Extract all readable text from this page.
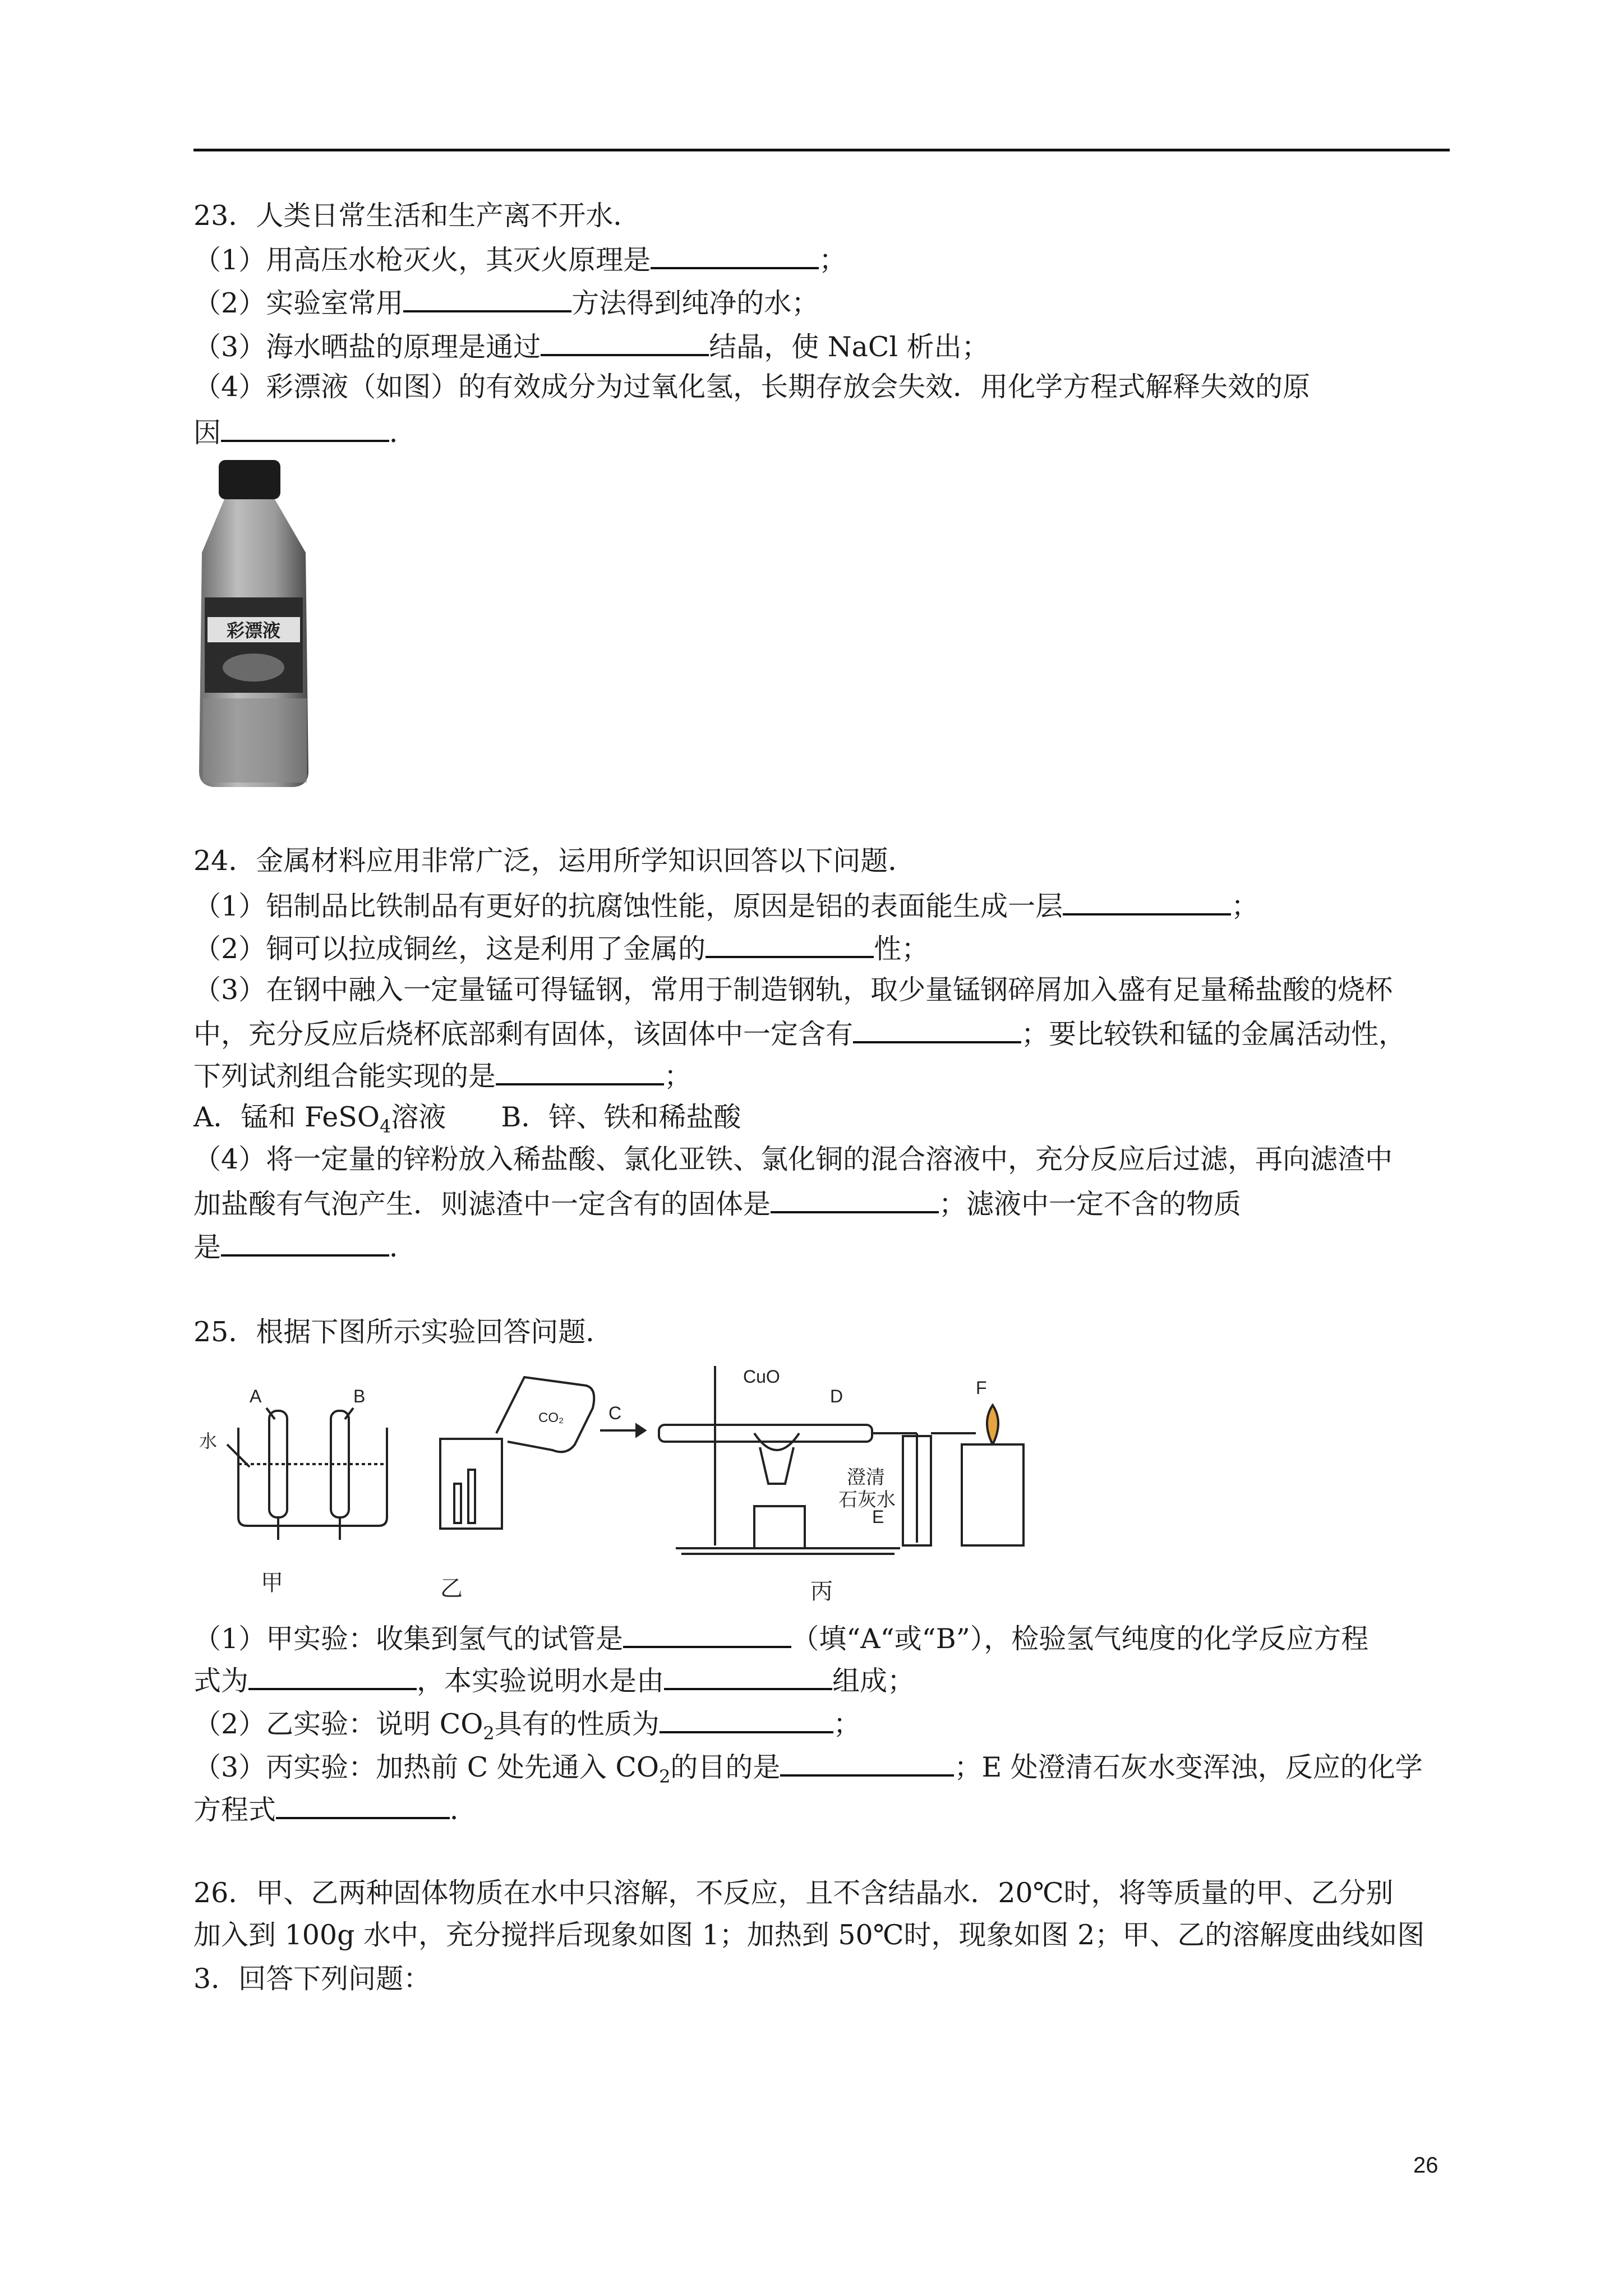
23．人类日常生活和生产离不开水．
（1）用高压水枪灭火，其灭火原理是	；
（2）实验室常用	方法得到纯净的水；
（3）海水晒盐的原理是通过	结晶，使 NaCl 析出；
（4）彩漂液（如图）的有效成分为过氧化氢，长期存放会失效．用化学方程式解释失效的原
因	．
彩漂液
24．金属材料应用非常广泛，运用所学知识回答以下问题．
（1）铝制品比铁制品有更好的抗腐蚀性能，原因是铝的表面能生成一层	；
（2）铜可以拉成铜丝，这是利用了金属的	性；
（3）在钢中融入一定量锰可得锰钢，常用于制造钢轨，取少量锰钢碎屑加入盛有足量稀盐酸的烧杯
中，充分反应后烧杯底部剩有固体，该固体中一定含有	；要比较铁和锰的金属活动性，
下列试剂组合能实现的是	；
A．锰和 FeSO$_4$溶液　　B．锌、铁和稀盐酸
（4）将一定量的锌粉放入稀盐酸、氯化亚铁、氯化铜的混合溶液中，充分反应后过滤，再向滤渣中
加盐酸有气泡产生．则滤渣中一定含有的固体是	；滤液中一定不含的物质
是	．
25．根据下图所示实验回答问题．
水
A	B
CO₂ C
CuO
D	F
澄清
石灰水
E
甲	乙	丙
（1）甲实验：收集到氢气的试管是	（填“A“或“B”），检验氢气纯度的化学反应方程
式为	，本实验说明水是由	组成；
（2）乙实验：说明 $CO_2$具有的性质为	；
（3）丙实验：加热前 C 处先通入 $CO_2$的目的是	；E 处澄清石灰水变浑浊，反应的化学
方程式	．
26．甲、乙两种固体物质在水中只溶解，不反应，且不含结晶水．20℃时，将等质量的甲、乙分别
加入到 100g 水中，充分搅拌后现象如图 1；加热到 50℃时，现象如图 2；甲、乙的溶解度曲线如图
3．回答下列问题：
26
